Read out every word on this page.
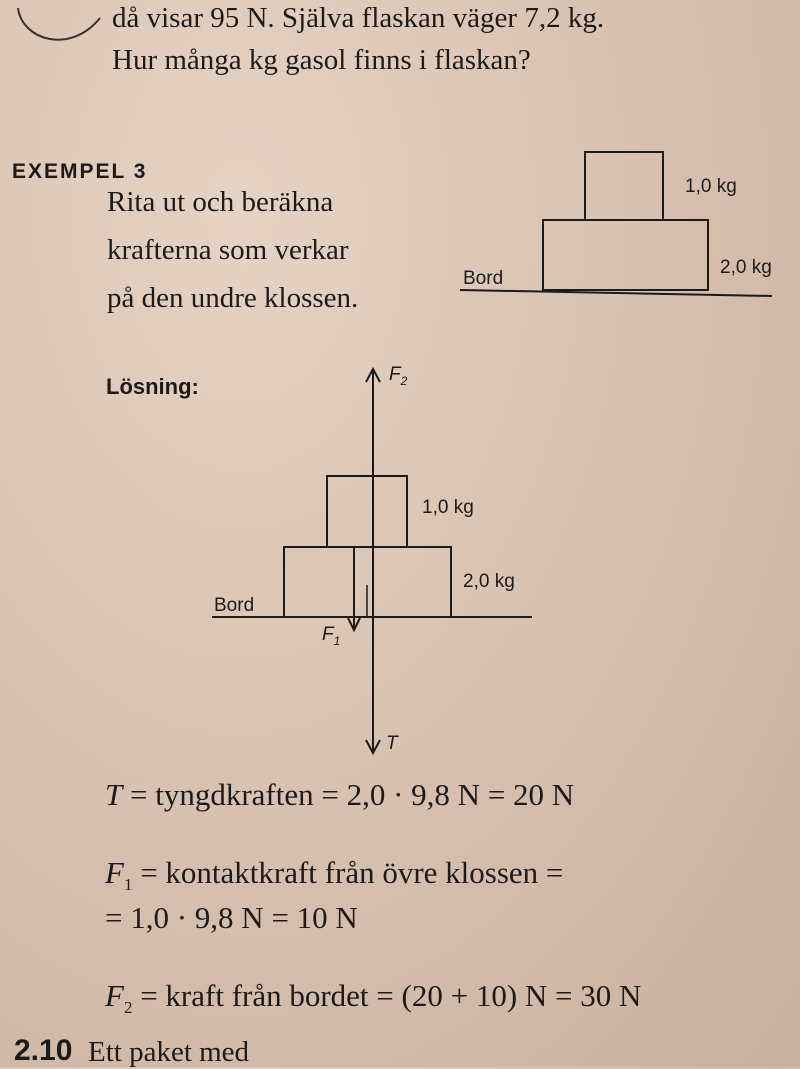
då visar 95 N. Själva flaskan väger 7,2 kg.
Hur många kg gasol finns i flaskan?
EXEMPEL 3
Rita ut och beräkna
krafterna som verkar
på den undre klossen.
1,0 kg
2,0 kg
Bord
Lösning:	$F_2$
1,0 kg
2,0 kg
Bord
$F_1$
T
T = tyngdkraften = 2,0 · 9,8 N = 20 N
$F_1$ = kontaktkraft från övre klossen =
= 1,0 · 9,8 N = 10 N
$F_2$ = kraft från bordet = (20 + 10) N = 30 N
2.10 Ett paket med
